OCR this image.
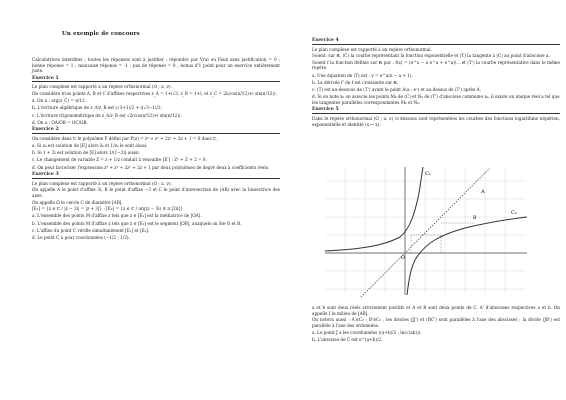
Un exemple de concours
Calculatrices interdites ; toutes les réponses sont à justifier ; répondre par Vrai ou Faux sans justification = 0 ; bonne réponse = 1 ; mauvaise réponse = -1 ; pas de réponse = 0 ; bonus d'1 point pour un exercice entièrement juste.
Exercice 1
Le plan complexe est rapporté à un repère orthonormal (O ; u⃗, v⃗).
On considère trois points A, B et C d'affixes respectives z_A = 1+i√3, z_B = 1+i, et z_C = 2i(cos(π/12)+i sin(π/12)).
a. On a : arg(z_C) = π/12.
b. L'écriture algébrique de z_A/z_B est (√3+1)/2 + i(√3−1)/2.
c. L'écriture trigonométrique de z_A/z_B est √2(cos(π/12)+i sin(π/12)).
d. On a : OA/OB = OC/OB.
Exercice 2
On considère dans ℂ le polynôme P défini par P(z) = z⁴ + z³ + 2z² + 2z + 1 = 0 dans ℂ.
a. Si z₀ est solution de [E] alors z̄₀ et 1/z₀ le sont aussi.
b. Si 1 + 2i est solution de [E] alors 1/(1−2i) aussi.
c. Le changement de variable Z = z + 1/z conduit à résoudre [E'] : Z² + Z + 2 = 0.
d. On peut factoriser l'expression z⁴ + z³ + 2z² + 2z + 1 par deux polynômes de degré deux à coefficients réels.
Exercice 3
Le plan complexe est rapporté à un repère orthonormal (O ; u⃗, v⃗).
On appelle A le point d'affixe 3i, B le point d'affixe −3 et C le point d'intersection de (AB) avec la bissectrice des axes.
On appelle Ω le cercle C de diamètre [AB].
[E₁] = {z ∈ ℂ / |z − 3i| = |z + 3|} ; [E₂] = {z ∈ ℂ / arg(z − 3i) ≡ π [2π]}
a. L'ensemble des points M d'affixe z tels que z ∈ [E₁] est la médiatrice de [OA].
b. L'ensemble des points M d'affixe z tels que z ∈ [E₂] est le segment [OB], auxquels on ôte O et B.
c. L'affixe du point C vérifie simultanément [E₁] et [E₂].
d. Le point C a pour coordonnées (−1/2 ; 1/2).
Exercice 4
Le plan complexe est rapporté à un repère orthonormal.
Soient: sur ℝ, (C) la courbe représentant la fonction exponentielle et (T) la tangente à (C) au point d'abscisse a.
Soient f la fonction définie sur ℝ par : f(x) = (e^x − a e^a + e^a)/... et (T') la courbe représentative dans le même repère.
a. Une équation de (T) est : y = e^a(x − a + 1).
b. La dérivée f' de f est croissante sur ℝ.
c. (T) est au-dessous de (T') avant le point A(a ; eᵃ) et au-dessus de (T') après A.
d. Si on note x₀ on associe les points M₀ de (C) et N₀ de (T') d'abscisse commune x₀, il existe un unique réel a tel que les tangentes parallèles correspondantes M₀ et N₀.
Exercice 5
Dans le repère orthonormal (O ; u⃗, v⃗) ci-dessous sont représentées les courbes des fonctions logarithme népérien, exponentielle et identité (x ↦ x).
C₁
C₂
A
B
O
a et b sont deux réels strictement positifs et A et B sont deux points de C. A' d'abscisses respectives a et b. On appelle I le milieu de [AB].
On notera aussi : A'∈C₂ ; B'∈C₂ , les droites (JJ') et (BC') sont parallèles à l'axe des abscisses ; la droite (JB') est parallèle à l'axe des ordonnées.
a. Le point J a les coordonnées ((a+b)/2 ; ln(√(ab))).
b. L'abscisse de C est e^(a+b)/2.
